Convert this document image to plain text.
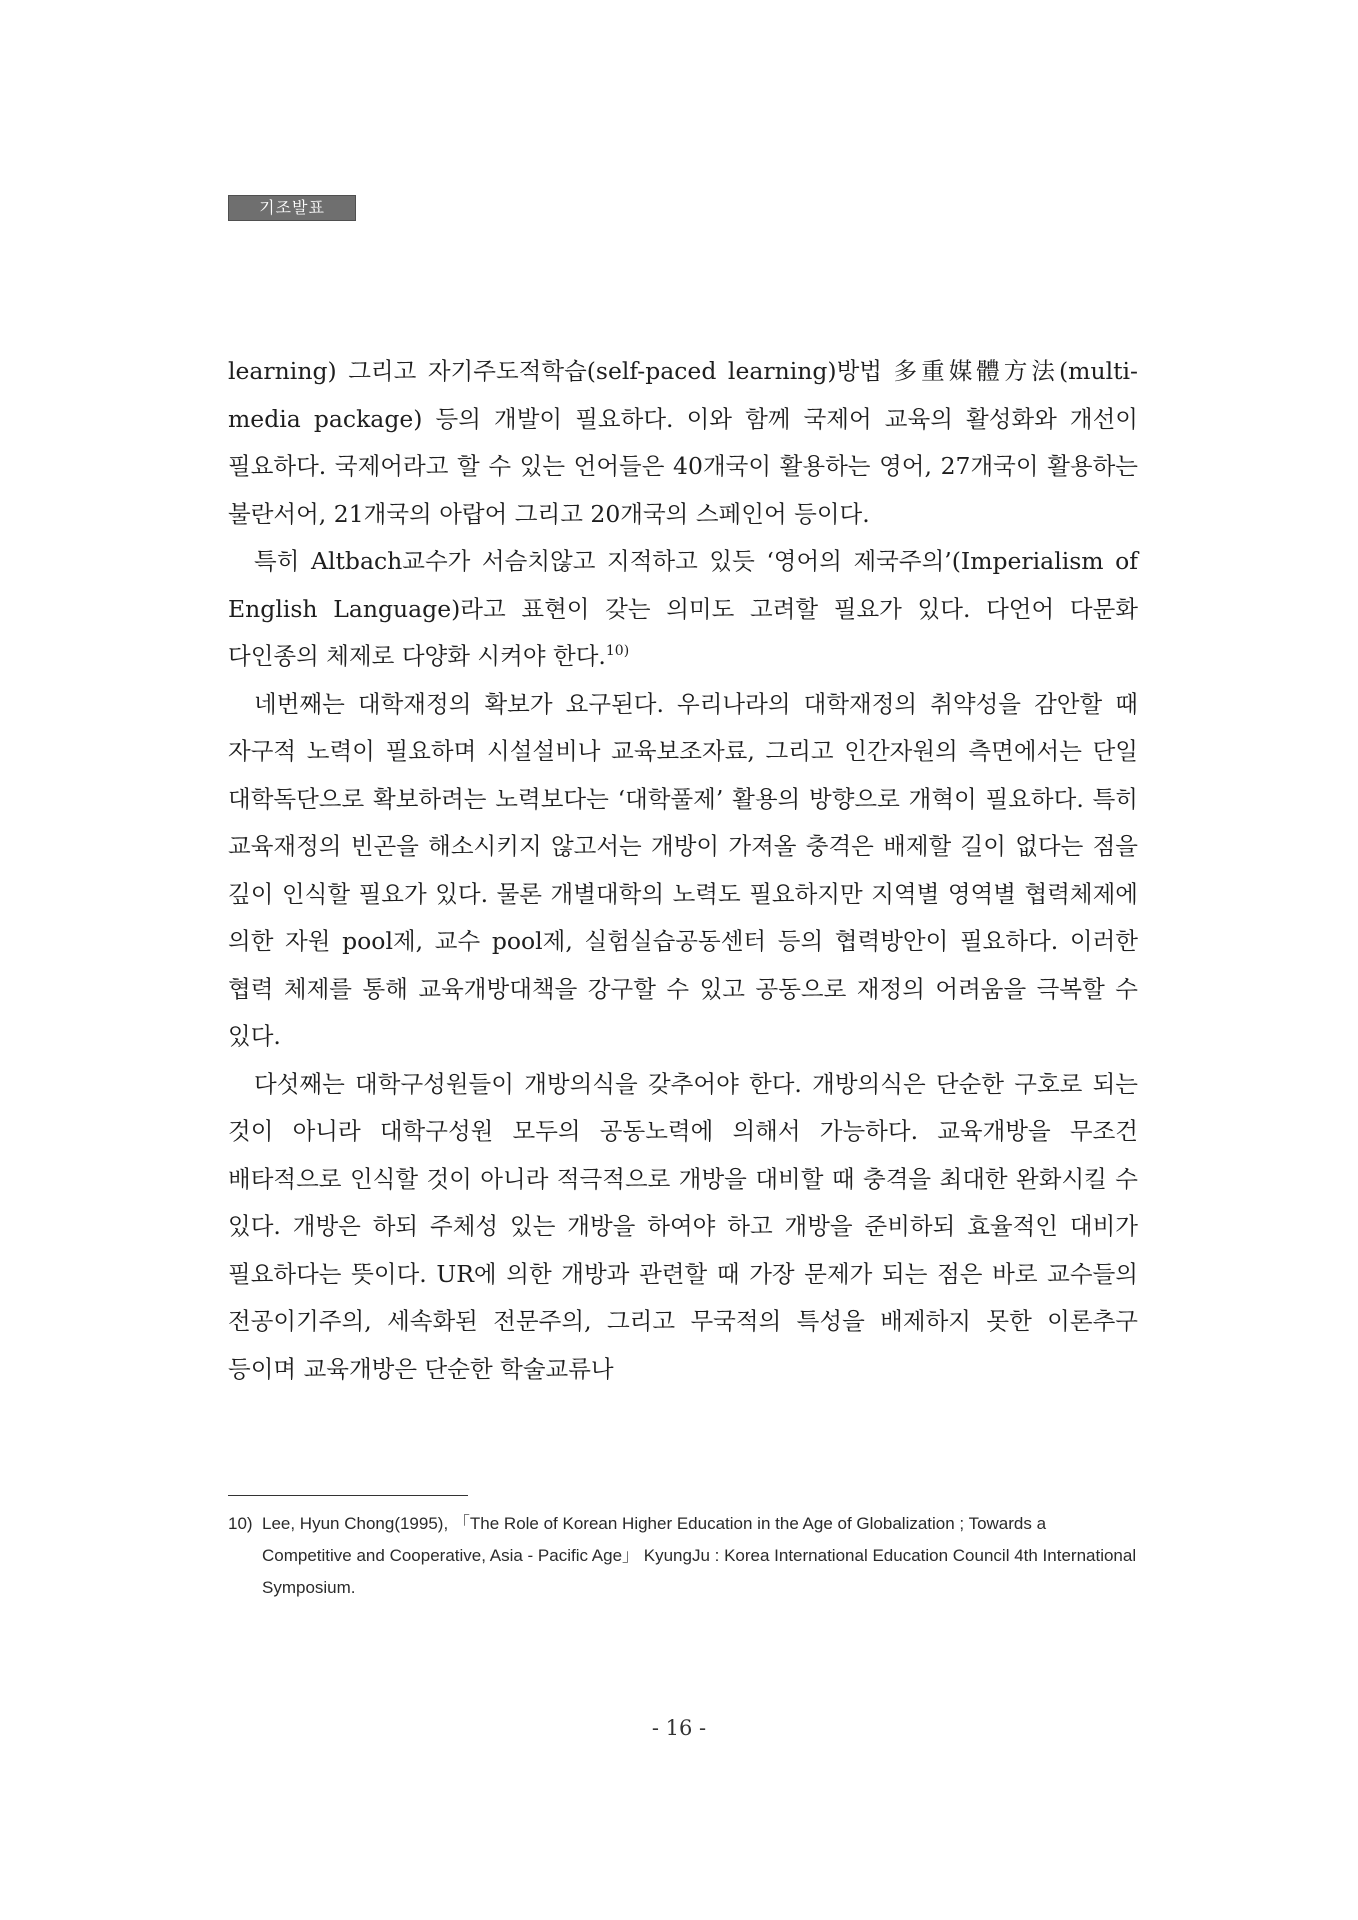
기조발표

learning) 그리고 자기주도적학습(self-paced learning)방법 多重媒體方法(multi-media package) 등의 개발이 필요하다. 이와 함께 국제어 교육의 활성화와 개선이 필요하다. 국제어라고 할 수 있는 언어들은 40개국이 활용하는 영어, 27개국이 활용하는 불란서어, 21개국의 아랍어 그리고 20개국의 스페인어 등이다.

특히 Altbach교수가 서슴치않고 지적하고 있듯 ‘영어의 제국주의’(Imperialism of English Language)라고 표현이 갖는 의미도 고려할 필요가 있다. 다언어 다문화 다인종의 체제로 다양화 시켜야 한다.$^{10)}$

네번째는 대학재정의 확보가 요구된다. 우리나라의 대학재정의 취약성을 감안할 때 자구적 노력이 필요하며 시설설비나 교육보조자료, 그리고 인간자원의 측면에서는 단일 대학독단으로 확보하려는 노력보다는 ‘대학풀제’ 활용의 방향으로 개혁이 필요하다. 특히 교육재정의 빈곤을 해소시키지 않고서는 개방이 가져올 충격은 배제할 길이 없다는 점을 깊이 인식할 필요가 있다. 물론 개별대학의 노력도 필요하지만 지역별 영역별 협력체제에 의한 자원 pool제, 교수 pool제, 실험실습공동센터 등의 협력방안이 필요하다. 이러한 협력 체제를 통해 교육개방대책을 강구할 수 있고 공동으로 재정의 어려움을 극복할 수 있다.

다섯째는 대학구성원들이 개방의식을 갖추어야 한다. 개방의식은 단순한 구호로 되는 것이 아니라 대학구성원 모두의 공동노력에 의해서 가능하다. 교육개방을 무조건 배타적으로 인식할 것이 아니라 적극적으로 개방을 대비할 때 충격을 최대한 완화시킬 수 있다. 개방은 하되 주체성 있는 개방을 하여야 하고 개방을 준비하되 효율적인 대비가 필요하다는 뜻이다. UR에 의한 개방과 관련할 때 가장 문제가 되는 점은 바로 교수들의 전공이기주의, 세속화된 전문주의, 그리고 무국적의 특성을 배제하지 못한 이론추구 등이며 교육개방은 단순한 학술교류나

10) Lee, Hyun Chong(1995), 「The Role of Korean Higher Education in the Age of Globalization ; Towards a Competitive and Cooperative, Asia - Pacific Age」 KyungJu : Korea International Education Council 4th International Symposium.
- 16 -
